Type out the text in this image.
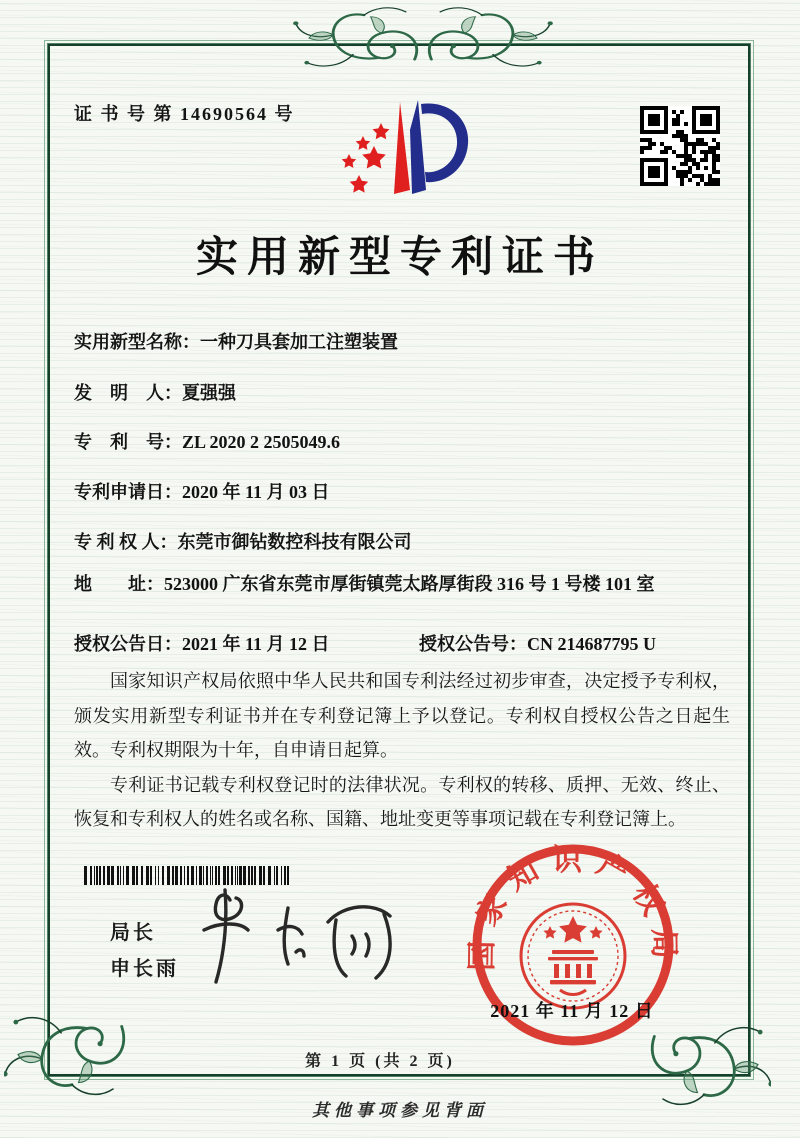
证 书 号 第 14690564 号
实用新型专利证书
实用新型名称：一种刀具套加工注塑装置
发　明　人：夏强强
专　利　号：ZL 2020 2 2505049.6
专利申请日：2020 年 11 月 03 日
专 利 权 人：东莞市御钻数控科技有限公司
地　　址：523000 广东省东莞市厚街镇莞太路厚街段 316 号 1 号楼 101 室
授权公告日：2021 年 11 月 12 日	授权公告号：CN 214687795 U

国家知识产权局依照中华人民共和国专利法经过初步审查，决定授予专利权，颁发实用新型专利证书并在专利登记簿上予以登记。专利权自授权公告之日起生效。专利权期限为十年，自申请日起算。

专利证书记载专利权登记时的法律状况。专利权的转移、质押、无效、终止、恢复和专利权人的姓名或名称、国籍、地址变更等事项记载在专利登记簿上。

局长
申长雨	国家知识产权局
2021 年 11 月 12 日
第 1 页 (共 2 页)
其他事项参见背面
